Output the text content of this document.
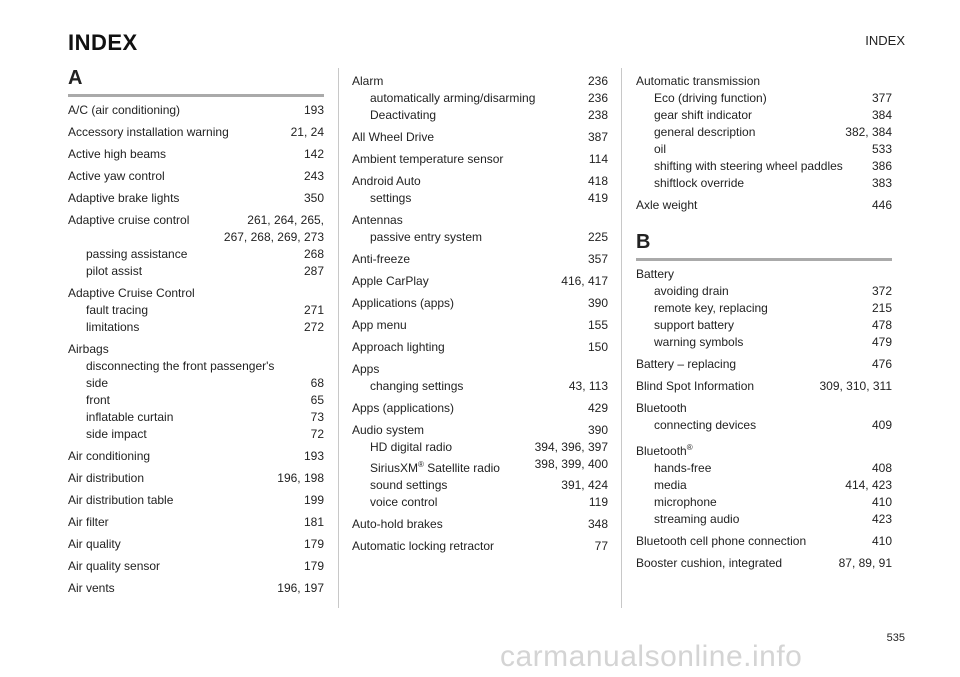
INDEX	INDEX
A
A/C (air conditioning)	193
Accessory installation warning	21, 24
Active high beams	142
Active yaw control	243
Adaptive brake lights	350
Adaptive cruise control	261, 264, 265,
267, 268, 269, 273
passing assistance	268
pilot assist	287
Adaptive Cruise Control
fault tracing	271
limitations	272
Airbags
disconnecting the front passenger's
side	68
front	65
inflatable curtain	73
side impact	72
Air conditioning	193
Air distribution	196, 198
Air distribution table	199
Air filter	181
Air quality	179
Air quality sensor	179
Air vents	196, 197
Alarm	236
automatically arming/disarming	236
Deactivating	238
All Wheel Drive	387
Ambient temperature sensor	114
Android Auto	418
settings	419
Antennas
passive entry system	225
Anti-freeze	357
Apple CarPlay	416, 417
Applications (apps)	390
App menu	155
Approach lighting	150
Apps
changing settings	43, 113
Apps (applications)	429
Audio system	390
HD digital radio	394, 396, 397
SiriusXM® Satellite radio	398, 399, 400
sound settings	391, 424
voice control	119
Auto-hold brakes	348
Automatic locking retractor	77
Automatic transmission
Eco (driving function)	377
gear shift indicator	384
general description	382, 384
oil	533
shifting with steering wheel paddles 386
shiftlock override	383
Axle weight	446
B
Battery
avoiding drain	372
remote key, replacing	215
support battery	478
warning symbols	479
Battery – replacing	476
Blind Spot Information	309, 310, 311
Bluetooth
connecting devices	409
Bluetooth®
hands-free	408
media	414, 423
microphone	410
streaming audio	423
Bluetooth cell phone connection	410
Booster cushion, integrated	87, 89, 91
535
carmanualsonline.info
